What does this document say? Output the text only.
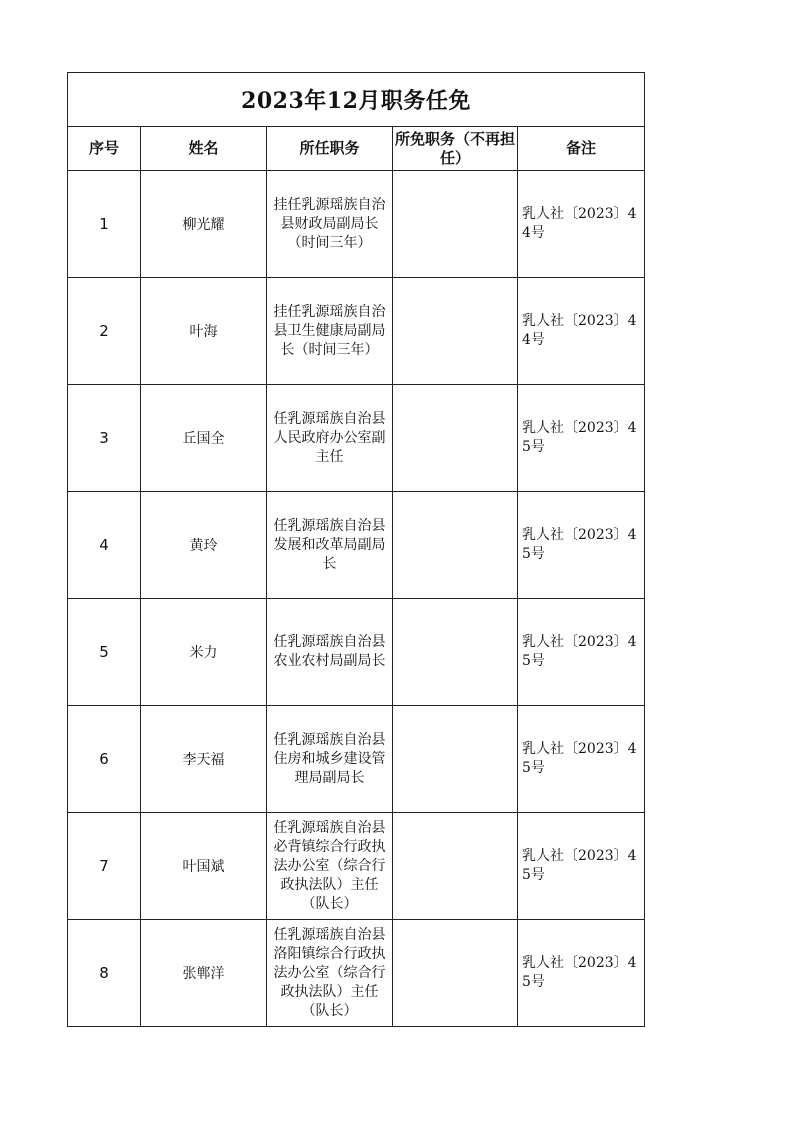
2023年12月职务任免				
序号	姓名	所任职务	所免职务（不再担任）	备注
1	柳光耀	挂任乳源瑶族自治县财政局副局长（时间三年）		乳人社〔2023〕44号

2	叶海	挂任乳源瑶族自治县卫生健康局副局长（时间三年）		乳人社〔2023〕44号

3	丘国全	任乳源瑶族自治县人民政府办公室副主任		乳人社〔2023〕45号

4	黄玲	任乳源瑶族自治县发展和改革局副局长		乳人社〔2023〕45号

5	米力	任乳源瑶族自治县农业农村局副局长		乳人社〔2023〕45号

6	李天福	任乳源瑶族自治县住房和城乡建设管理局副局长		乳人社〔2023〕45号

7	叶国斌	任乳源瑶族自治县必背镇综合行政执法办公室（综合行政执法队）主任（队长）		乳人社〔2023〕45号

8	张郸洋	任乳源瑶族自治县洛阳镇综合行政执法办公室（综合行政执法队）主任（队长）		乳人社〔2023〕45号
